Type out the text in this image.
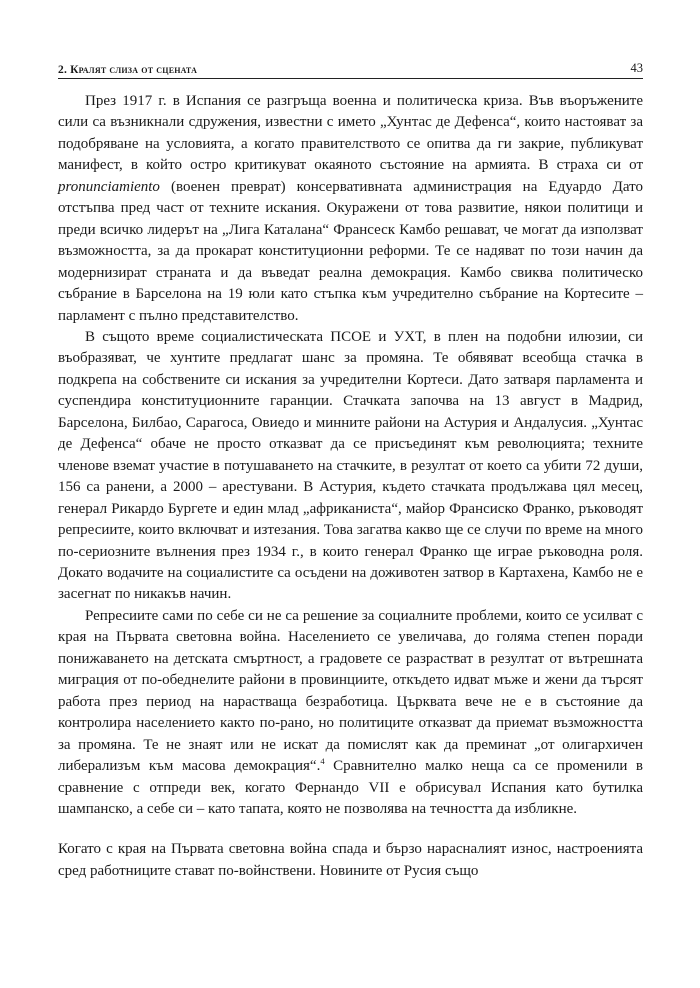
2. Кралят слиза от сцената	43

През 1917 г. в Испания се разгръща военна и политическа криза. Във въоръжените сили са възникнали сдружения, известни с името „Хунтас де Дефенса“, които настояват за подобряване на условията, а когато правителството се опитва да ги закрие, публикуват манифест, в който остро критикуват окаяното състояние на армията. В страха си от pronunciamiento (военен преврат) консервативната администрация на Едуардо Дато отстъпва пред част от техните искания. Окуражени от това развитие, някои политици и преди всичко лидерът на „Лига Каталана“ Франсеск Камбо решават, че могат да използват възможността, за да прокарат конституционни реформи. Те се надяват по този начин да модернизират страната и да въведат реална демокрация. Камбо свиква политическо събрание в Барселона на 19 юли като стъпка към учредително събрание на Кортесите – парламент с пълно представителство.

В същото време социалистическата ПСОЕ и УХТ, в плен на подобни илюзии, си въобразяват, че хунтите предлагат шанс за промяна. Те обявяват всеобща стачка в подкрепа на собствените си искания за учредителни Кортеси. Дато затваря парламента и суспендира конституционните гаранции. Стачката започва на 13 август в Мадрид, Барселона, Билбао, Сарагоса, Овиедо и минните райони на Астурия и Андалусия. „Хунтас де Дефенса“ обаче не просто отказват да се присъединят към революцията; техните членове вземат участие в потушаването на стачките, в резултат от което са убити 72 души, 156 са ранени, а 2000 – арестувани. В Астурия, където стачката продължава цял месец, генерал Рикардо Бургете и един млад „африканиста“, майор Франсиско Франко, ръководят репресиите, които включват и изтезания. Това загатва какво ще се случи по време на много по-сериозните вълнения през 1934 г., в които генерал Франко ще играе ръководна роля. Докато водачите на социалистите са осъдени на доживотен затвор в Картахена, Камбо не е засегнат по никакъв начин.

Репресиите сами по себе си не са решение за социалните проблеми, които се усилват с края на Първата световна война. Населението се увеличава, до голяма степен поради понижаването на детската смъртност, а градовете се разрастват в резултат от вътрешната миграция от по-обеднелите райони в провинциите, откъдето идват мъже и жени да търсят работа през период на нарастваща безработица. Църквата вече не е в състояние да контролира населението както по-рано, но политиците отказват да приемат възможността за промяна. Те не знаят или не искат да помислят как да преминат „от олигархичен либерализъм към масова демокрация“.$^4$ Сравнително малко неща са се променили в сравнение с отпреди век, когато Фернандо VII е обрисувал Испания като бутилка шампанско, а себе си – като тапата, която не позволява на течността да избликне.

Когато с края на Първата световна война спада и бързо нарасналият износ, настроенията сред работниците стават по-войнствени. Новините от Русия също
